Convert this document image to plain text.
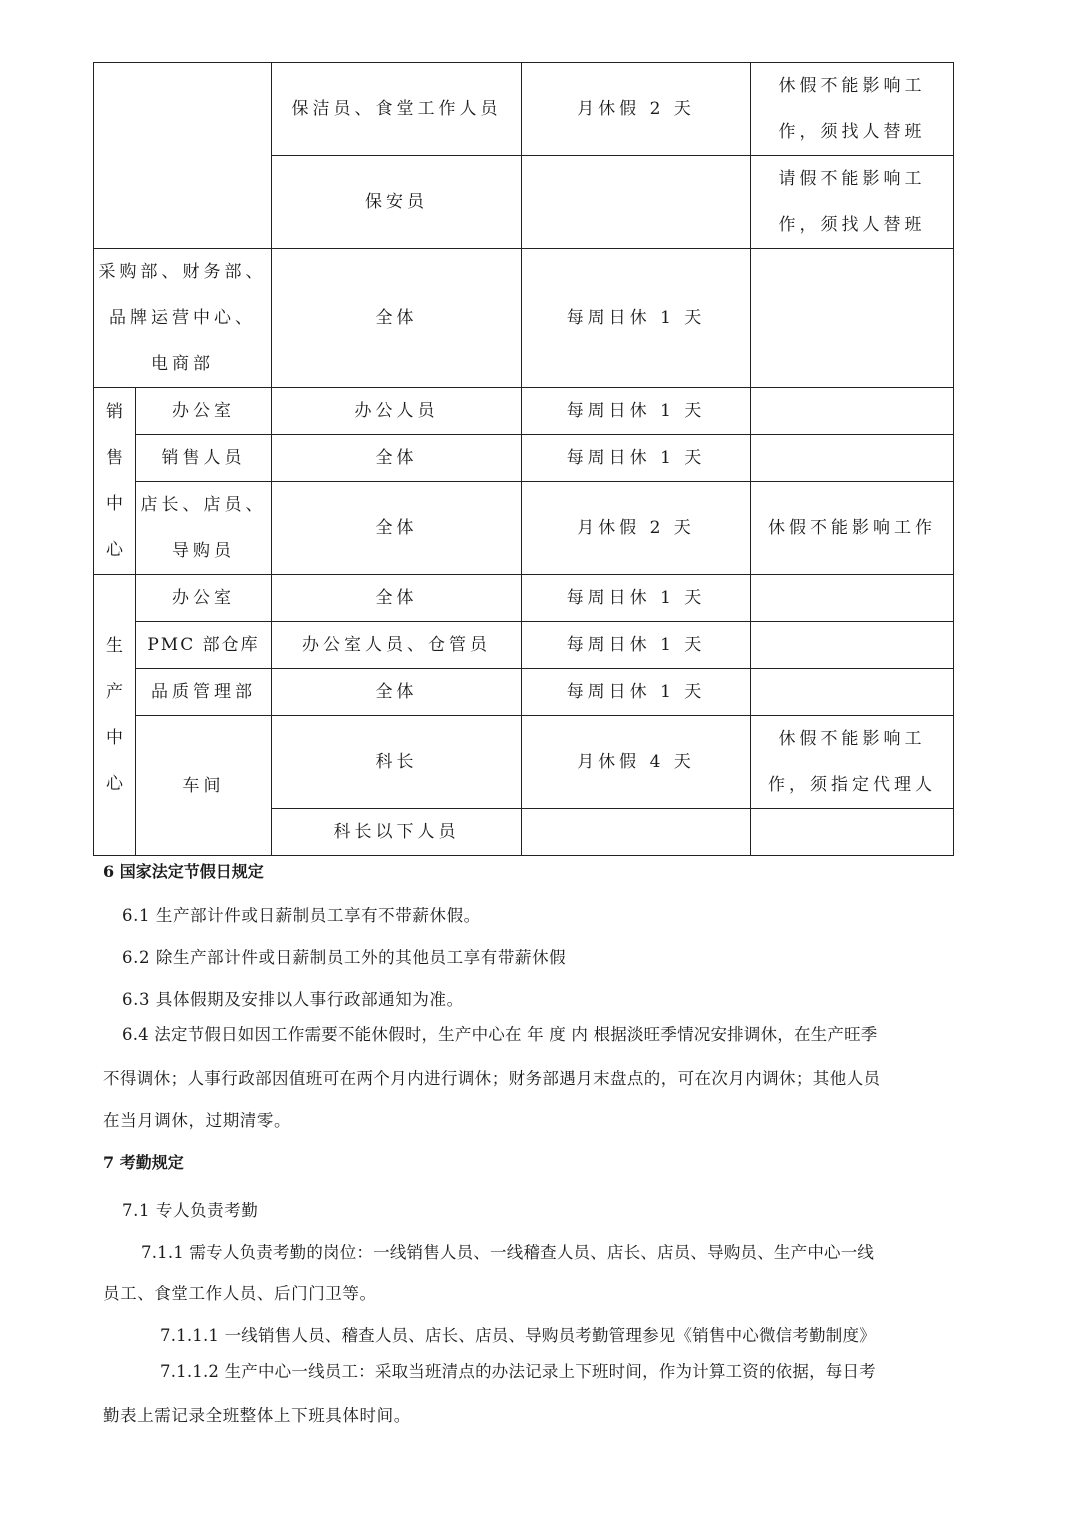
		保洁员、食堂工作人员	月休假 2 天	休假不能影响工
作，须找人替班

		保安员		请假不能影响工
作，须找人替班

采购部、财务部、
品牌运营中心、
电商部		全体	每周日休 1 天	

销
售
中
心	办公室	办公人员	每周日休 1 天	
	销售人员	全体	每周日休 1 天	

	店长、店员、
导购员	全体	月休假 2 天	休假不能影响工作

生
产
中
心	办公室	全体	每周日休 1 天	
	PMC 部仓库	办公室人员、仓管员	每周日休 1 天	
	品质管理部	全体	每周日休 1 天	
	车间	科长	月休假 4 天	休假不能影响工
作，须指定代理人

		科长以下人员		
6 国家法定节假日规定
6.1 生产部计件或日薪制员工享有不带薪休假。
6.2 除生产部计件或日薪制员工外的其他员工享有带薪休假
6.3 具体假期及安排以人事行政部通知为准。
6.4 法定节假日如因工作需要不能休假时，生产中心在 年 度 内 根据淡旺季情况安排调休，在生产旺季
不得调休；人事行政部因值班可在两个月内进行调休；财务部遇月末盘点的，可在次月内调休；其他人员
在当月调休，过期清零。
7 考勤规定
7.1 专人负责考勤
7.1.1 需专人负责考勤的岗位：一线销售人员、一线稽查人员、店长、店员、导购员、生产中心一线
员工、食堂工作人员、后门门卫等。
7.1.1.1 一线销售人员、稽查人员、店长、店员、导购员考勤管理参见《销售中心微信考勤制度》
7.1.1.2 生产中心一线员工：采取当班清点的办法记录上下班时间，作为计算工资的依据，每日考
勤表上需记录全班整体上下班具体时间。
